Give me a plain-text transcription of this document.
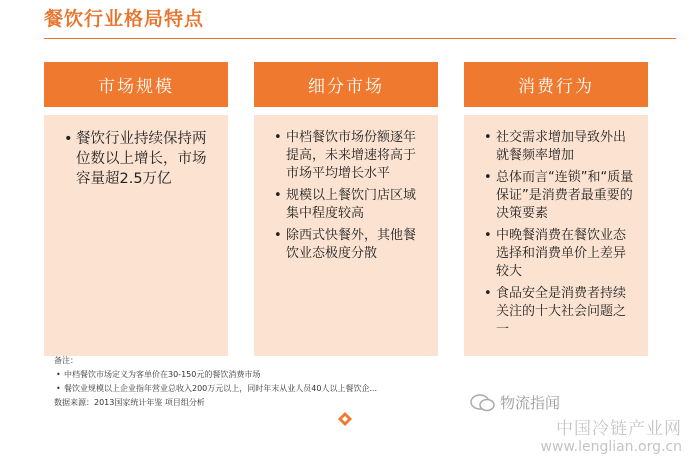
餐饮行业格局特点
市场规模
• 餐饮行业持续保持两位数以上增长，市场容量超2.5万亿
细分市场
• 中档餐饮市场份额逐年提高，未来增速将高于市场平均增长水平
• 规模以上餐饮门店区域集中程度较高
• 除西式快餐外，其他餐饮业态极度分散
消费行为
• 社交需求增加导致外出就餐频率增加
• 总体而言“连锁”和“质量保证”是消费者最重要的决策要素
• 中晚餐消费在餐饮业态选择和消费单价上差异较大
• 食品安全是消费者持续关注的十大社会问题之一
备注：
• 中档餐饮市场定义为客单价在30-150元的餐饮消费市场
• 餐饮业规模以上企业指年营业总收入200万元以上，同时年末从业人员40人以上餐饮企...
数据来源：2013国家统计年鉴 项目组分析	物流指闻
中国冷链产业网
www.lenglian.org.cn
